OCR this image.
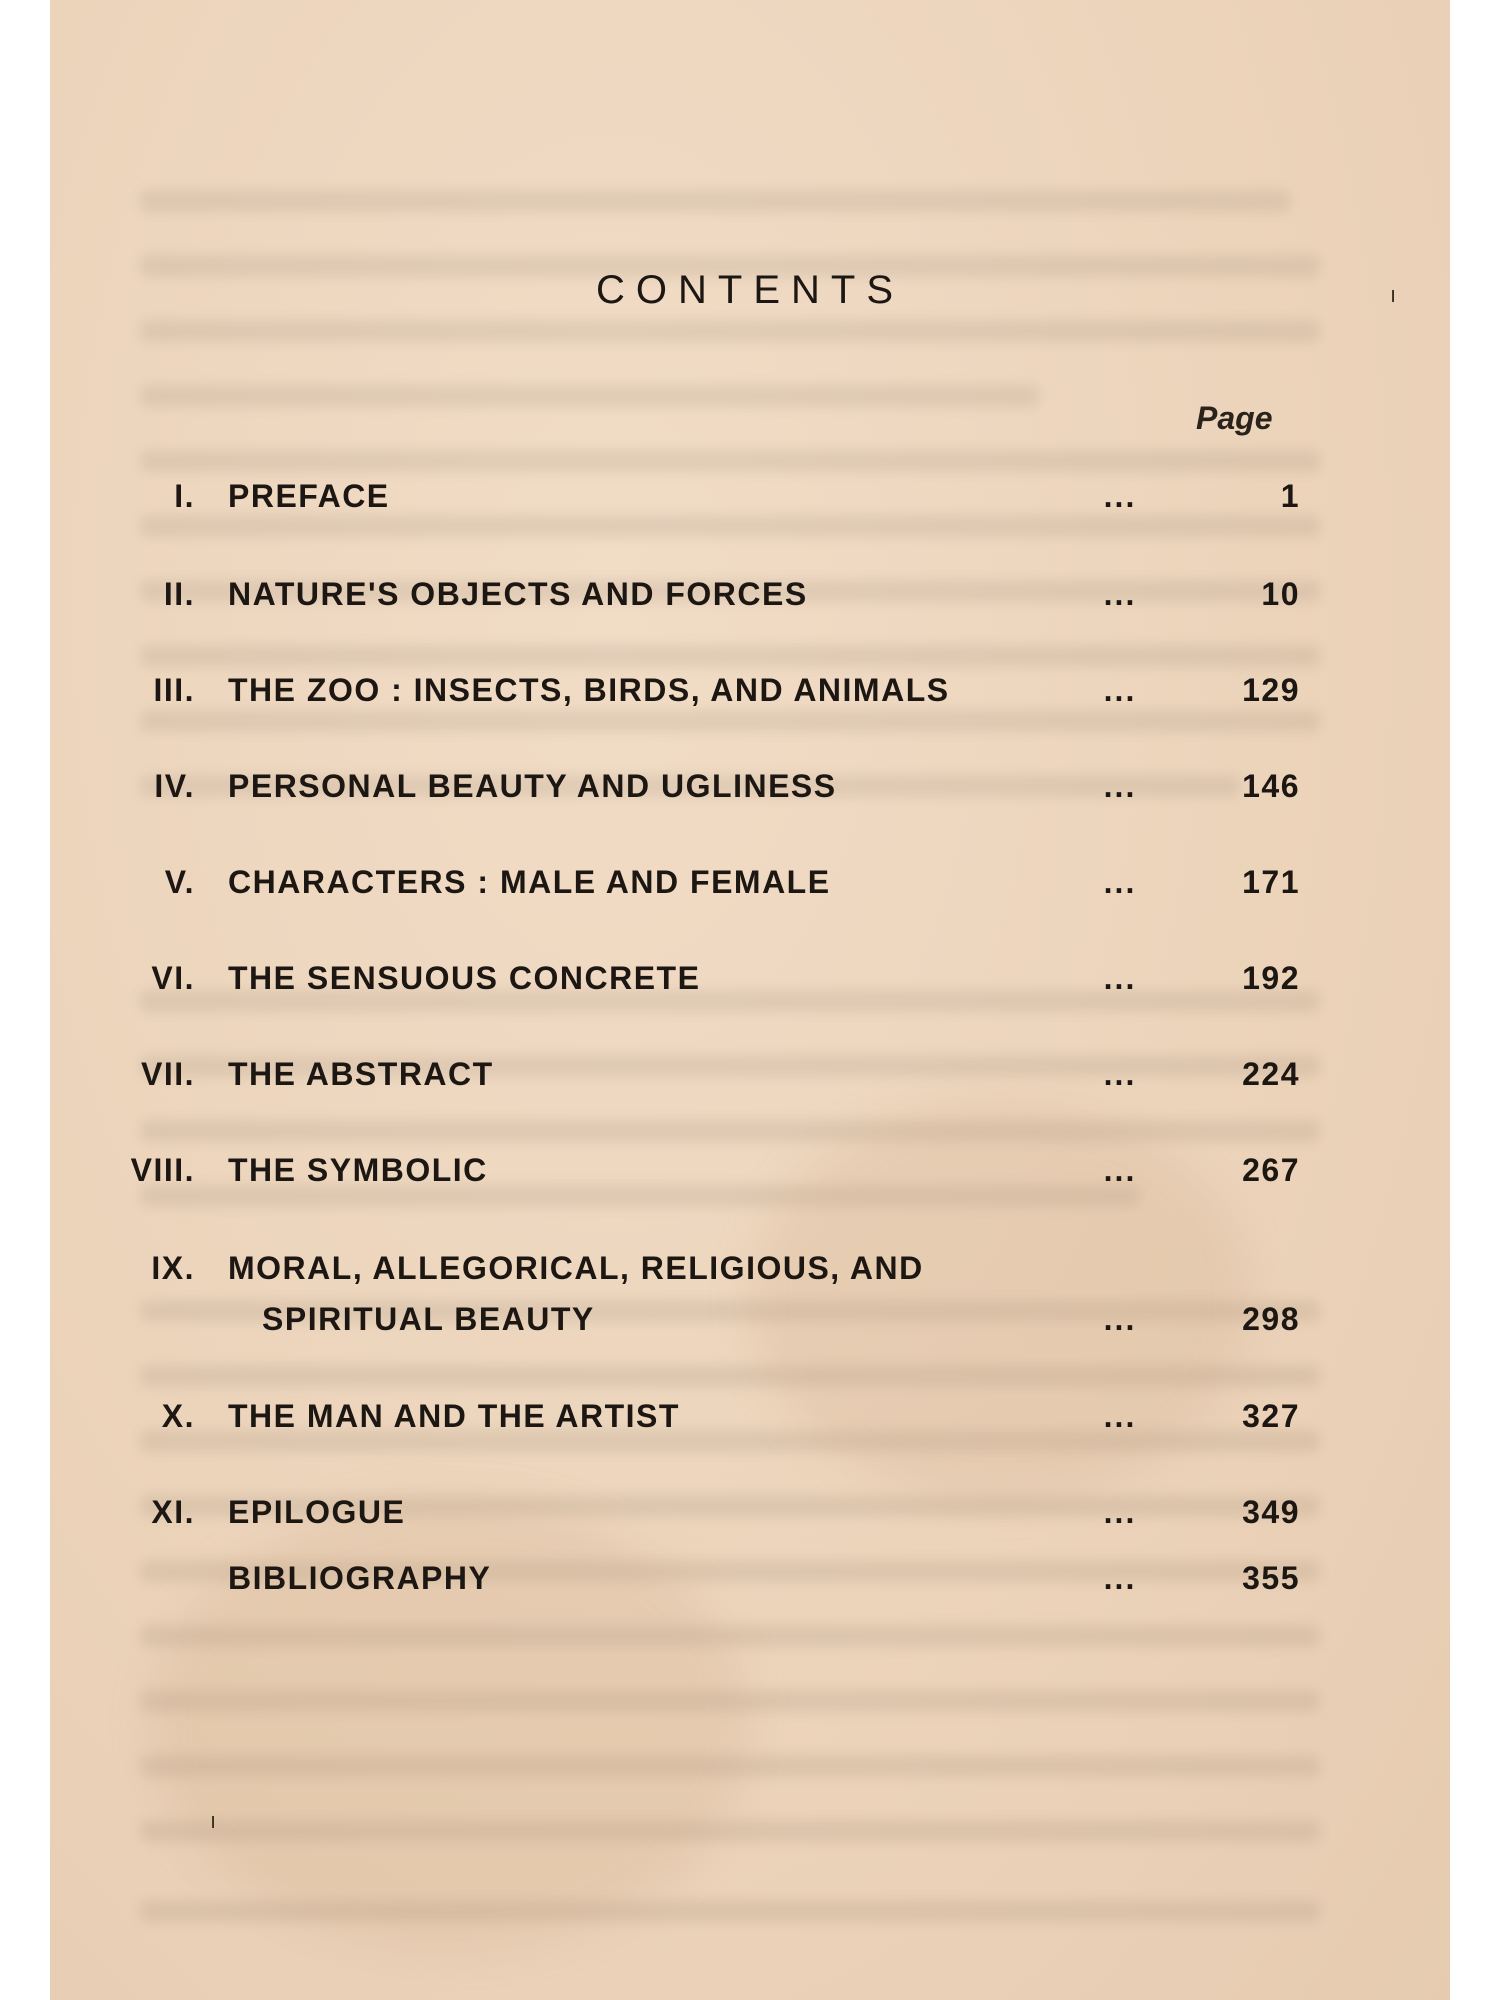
CONTENTS
Page
I. PREFACE	...	1
II. NATURE'S OBJECTS AND FORCES	...	10
III. THE ZOO : INSECTS, BIRDS, AND ANIMALS	...	129
IV. PERSONAL BEAUTY AND UGLINESS	...	146
V. CHARACTERS : MALE AND FEMALE	...	171
VI. THE SENSUOUS CONCRETE	...	192
VII. THE ABSTRACT	...	224
VIII. THE SYMBOLIC	...	267
IX. MORAL, ALLEGORICAL, RELIGIOUS, AND
SPIRITUAL BEAUTY	...	298
X. THE MAN AND THE ARTIST	...	327
XI. EPILOGUE	...	349
BIBLIOGRAPHY	...	355
ı
ı
